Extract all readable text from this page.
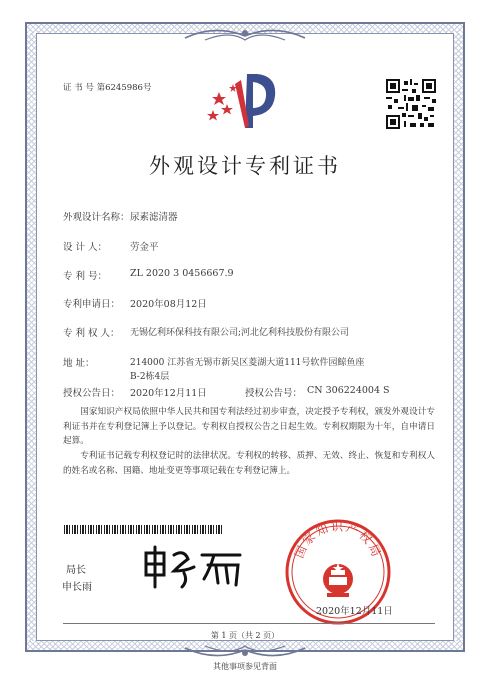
证 书 号 第6245986号
外观设计专利证书
外观设计名称： 尿素滤清器
设 计 人： 劳金平
专 利 号： ZL 2020 3 0456667.9
专利申请日： 2020年08月12日
专 利 权 人： 无锡亿利环保科技有限公司;河北亿利科技股份有限公司
地 址：	214000 江苏省无锡市新吴区菱湖大道111号软件园鲸鱼座
B-2栋4层
授权公告日： 2020年12月11日	授权公告号： CN 306224004 S
国家知识产权局依照中华人民共和国专利法经过初步审查，决定授予专利权，颁发外观设计专利证书并在专利登记簿上予以登记。专利权自授权公告之日起生效。专利权期限为十年，自申请日起算。
专利证书记载专利权登记时的法律状况。专利权的转移、质押、无效、终止、恢复和专利权人的姓名或名称、国籍、地址变更等事项记载在专利登记簿上。
局长
申长雨
国家知识产权局
2020年12月11日
第 1 页（共 2 页）
其他事项参见背面
